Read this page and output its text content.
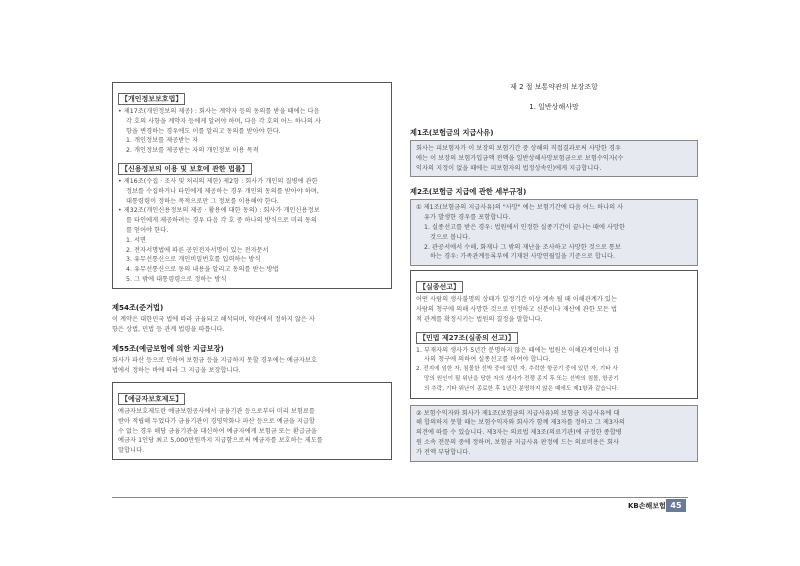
【개인정보보호법】

• 제17조(개인정보의 제공) : 회사는 계약자 등의 동의를 받을 때에는 다음

각 호의 사항을 계약자 등에게 알려야 하며, 다음 각 호의 어느 하나의 사

항을 변경하는 경우에도 이를 알리고 동의를 받아야 한다.

1. 개인정보를 제공받는 자

2. 개인정보를 제공받는 자의 개인정보 이용 목적

【신용정보의 이용 및 보호에 관한 법률】

• 제16조(수집 · 조사 및 처리의 제한) 제2항 : 회사가 개인의 질병에 관한

정보를 수집하거나 타인에게 제공하는 경우 개인의 동의를 받아야 하며,

대통령령이 정하는 목적으로만 그 정보를 이용해야 한다.

• 제32조(개인신용정보의 제공 · 활용에 대한 동의) : 회사가 개인신용정보

를 타인에게 제공하려는 경우 다음 각 호 중 하나의 방식으로 미리 동의

를 얻어야 한다.

1. 서면

2. 전자서명법에 따른 공인전자서명이 있는 전자문서

3. 유무선통신으로 개인비밀번호를 입력하는 방식

4. 유무선통신으로 동의 내용을 알리고 동의를 받는 방법

5. 그 밖에 대통령령으로 정하는 방식

제54조(준거법)

이 계약은 대한민국 법에 따라 규율되고 해석되며, 약관에서 정하지 않은 사

항은 상법, 민법 등 관계 법령을 따릅니다.

제55조(예금보험에 의한 지급보장)

회사가 파산 등으로 인하여 보험금 등을 지급하지 못할 경우에는 예금자보호

법에서 정하는 바에 따라 그 지급을 보장합니다.

【예금자보호제도】

예금자보호제도란 예금보험공사에서 금융기관 등으로부터 미리 보험료를

받아 적립해 두었다가 금융기관이 경영악화나 파산 등으로 예금을 지급할

수 없는 경우 해당 금융기관을 대신하여 예금자에게 보험금 또는 환급금을

예금자 1인당 최고 5,000만원까지 지급함으로써 예금자를 보호하는 제도를

말합니다.

제 2 절 보통약관의 보장조항
1. 일반상해사망
제1조(보험금의 지급사유)

회사는 피보험자가 이 보장의 보험기간 중 상해의 직접결과로써 사망한 경우

에는 이 보장의 보험가입금액 전액을 일반상해사망보험금으로 보험수익자(수

익자의 지정이 없을 때에는 피보험자의 법정상속인)에게 지급합니다.

제2조(보험금 지급에 관한 세부규정)

① 제1조(보험금의 지급사유)의 "사망" 에는 보험기간에 다음 어느 하나의 사

유가 발생한 경우를 포함합니다.

1. 실종선고를 받은 경우: 법원에서 인정한 실종기간이 끝나는 때에 사망한

것으로 봅니다.

2. 관공서에서 수해, 화재나 그 밖의 재난을 조사하고 사망한 것으로 통보

하는 경우: 가족관계등록부에 기재된 사망연월일을 기준으로 합니다.

【실종선고】

어떤 사람의 생사불명의 상태가 일정기간 이상 계속 될 때 이해관계가 있는

사람의 청구에 의해 사망한 것으로 인정하고 신분이나 재산에 관한 모든 법

적 관계를 확정시키는 법원의 결정을 말합니다.

【민법 제27조(실종의 선고)】

1. 부재자의 생사가 5년간 분명하지 않은 때에는 법원은 이해관계인이나 검

사의 청구에 의하여 실종선고를 하여야 합니다.

2. 전지에 임한 자, 침몰한 선박 중에 있던 자, 추락한 항공기 중에 있던 자, 기타 사

망의 원인이 될 위난을 당한 자의 생사가 전쟁 종지 후 또는 선박의 침몰, 항공기

의 추락, 기타 위난이 종료한 후 1년간 분명하지 않은 때에도 제1항과 같습니다.

② 보험수익자와 회사가 제1조(보험금의 지급사유)의 보험금 지급사유에 대

해 합의하지 못할 때는 보험수익자와 회사가 함께 제3자를 정하고 그 제3자의

의견에 따를 수 있습니다. 제3자는 의료법 제3조(의료기관)에 규정한 종합병

원 소속 전문의 중에 정하며, 보험금 지급사유 판정에 드는 의료비용은 회사

가 전액 부담합니다.

KB손해보험 45
